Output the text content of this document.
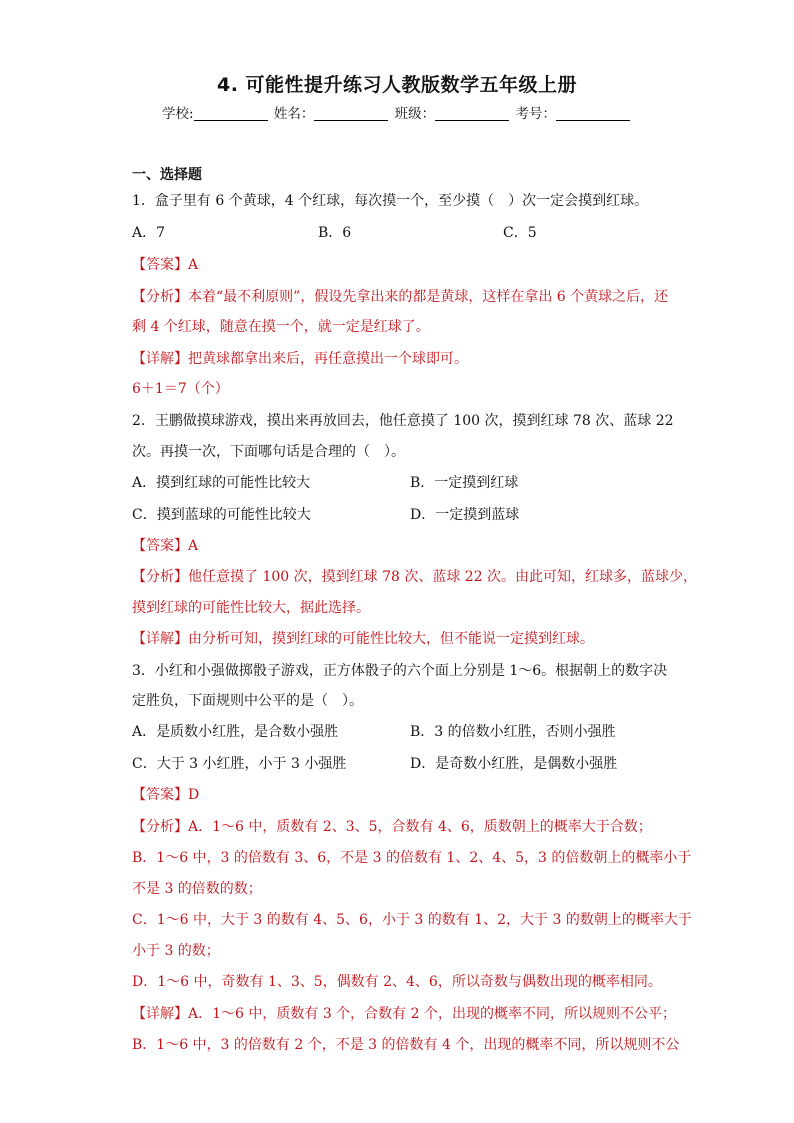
4. 可能性提升练习人教版数学五年级上册
学校:	姓名：	班级：	考号：
一、选择题
1．盒子里有 6 个黄球，4 个红球，每次摸一个，至少摸（　）次一定会摸到红球。
A．7	B．6	C．5
【答案】A
【分析】本着“最不利原则”，假设先拿出来的都是黄球，这样在拿出 6 个黄球之后，还
剩 4 个红球，随意在摸一个，就一定是红球了。
【详解】把黄球都拿出来后，再任意摸出一个球即可。
6＋1＝7（个）
2．王鹏做摸球游戏，摸出来再放回去，他任意摸了 100 次，摸到红球 78 次、蓝球 22
次。再摸一次，下面哪句话是合理的（　）。
A．摸到红球的可能性比较大	B．一定摸到红球
C．摸到蓝球的可能性比较大	D．一定摸到蓝球
【答案】A
【分析】他任意摸了 100 次，摸到红球 78 次、蓝球 22 次。由此可知，红球多，蓝球少，
摸到红球的可能性比较大，据此选择。
【详解】由分析可知，摸到红球的可能性比较大，但不能说一定摸到红球。
3．小红和小强做掷骰子游戏，正方体骰子的六个面上分别是 1～6。根据朝上的数字决
定胜负，下面规则中公平的是（　）。
A．是质数小红胜，是合数小强胜	B．3 的倍数小红胜，否则小强胜
C．大于 3 小红胜，小于 3 小强胜	D．是奇数小红胜，是偶数小强胜
【答案】D
【分析】A．1～6 中，质数有 2、3、5，合数有 4、6，质数朝上的概率大于合数；
B．1～6 中，3 的倍数有 3、6，不是 3 的倍数有 1、2、4、5，3 的倍数朝上的概率小于
不是 3 的倍数的数；
C．1～6 中，大于 3 的数有 4、5、6，小于 3 的数有 1、2，大于 3 的数朝上的概率大于
小于 3 的数；
D．1～6 中，奇数有 1、3、5，偶数有 2、4、6，所以奇数与偶数出现的概率相同。
【详解】A．1～6 中，质数有 3 个，合数有 2 个，出现的概率不同，所以规则不公平；
B．1～6 中，3 的倍数有 2 个，不是 3 的倍数有 4 个，出现的概率不同，所以规则不公
